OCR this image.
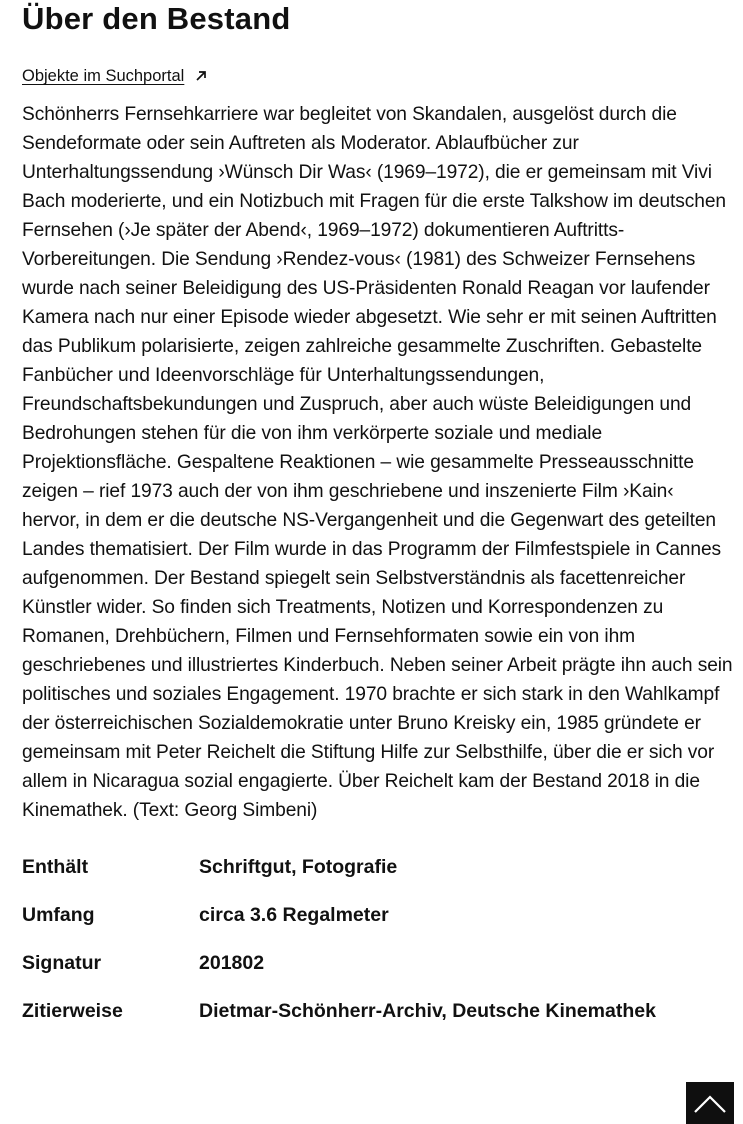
Über den Bestand
Objekte im Suchportal

Schönherrs Fernsehkarriere war begleitet von Skandalen, ausgelöst durch die Sendeformate oder sein Auftreten als Moderator. Ablaufbücher zur Unterhaltungssendung ›Wünsch Dir Was‹ (1969–1972), die er gemeinsam mit Vivi Bach moderierte, und ein Notizbuch mit Fragen für die erste Talkshow im deutschen Fernsehen (›Je später der Abend‹, 1969–1972) dokumentieren Auftritts-Vorbereitungen. Die Sendung ›Rendez-vous‹ (1981) des Schweizer Fernsehens wurde nach seiner Beleidigung des US-Präsidenten Ronald Reagan vor laufender Kamera nach nur einer Episode wieder abgesetzt. Wie sehr er mit seinen Auftritten das Publikum polarisierte, zeigen zahlreiche gesammelte Zuschriften. Gebastelte Fanbücher und Ideenvorschläge für Unterhaltungssendungen, Freundschaftsbekundungen und Zuspruch, aber auch wüste Beleidigungen und Bedrohungen stehen für die von ihm verkörperte soziale und mediale Projektionsfläche. Gespaltene Reaktionen – wie gesammelte Presseausschnitte zeigen – rief 1973 auch der von ihm geschriebene und inszenierte Film ›Kain‹ hervor, in dem er die deutsche NS-Vergangenheit und die Gegenwart des geteilten Landes thematisiert. Der Film wurde in das Programm der Filmfestspiele in Cannes aufgenommen. Der Bestand spiegelt sein Selbstverständnis als facettenreicher Künstler wider. So finden sich Treatments, Notizen und Korrespondenzen zu Romanen, Drehbüchern, Filmen und Fernsehformaten sowie ein von ihm geschriebenes und illustriertes Kinderbuch. Neben seiner Arbeit prägte ihn auch sein politisches und soziales Engagement. 1970 brachte er sich stark in den Wahlkampf der österreichischen Sozialdemokratie unter Bruno Kreisky ein, 1985 gründete er gemeinsam mit Peter Reichelt die Stiftung Hilfe zur Selbsthilfe, über die er sich vor allem in Nicaragua sozial engagierte. Über Reichelt kam der Bestand 2018 in die Kinemathek. (Text: Georg Simbeni)

Enthält	Schriftgut, Fotografie
Umfang	circa 3.6 Regalmeter
Signatur	201802
Zitierweise	Dietmar-Schönherr-Archiv, Deutsche Kinemathek
